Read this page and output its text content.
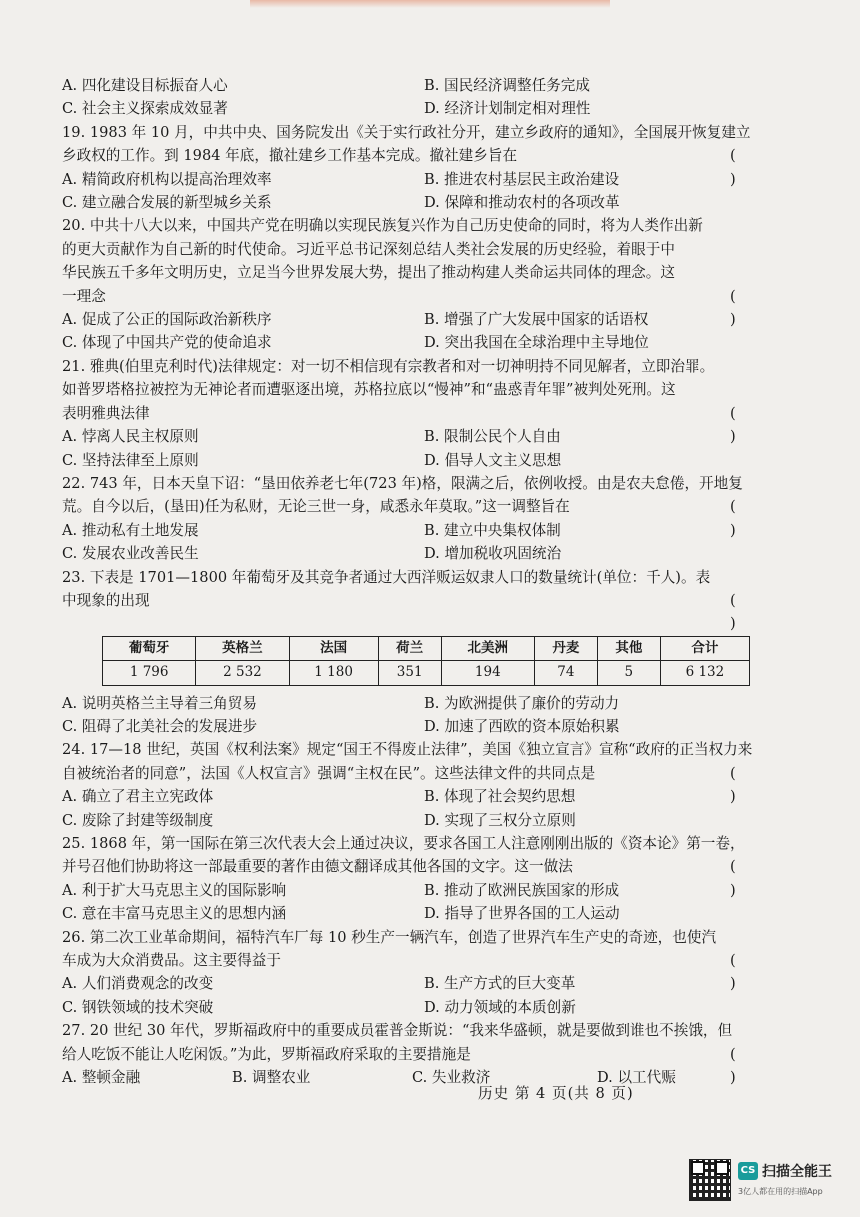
A. 四化建设目标振奋人心	B. 国民经济调整任务完成
C. 社会主义探索成效显著	D. 经济计划制定相对理性
19. 1983 年 10 月，中共中央、国务院发出《关于实行政社分开，建立乡政府的通知》，全国展开恢复建立
( )
乡政权的工作。到 1984 年底，撤社建乡工作基本完成。撤社建乡旨在
A. 精简政府机构以提高治理效率	B. 推进农村基层民主政治建设
C. 建立融合发展的新型城乡关系	D. 保障和推动农村的各项改革
20. 中共十八大以来，中国共产党在明确以实现民族复兴作为自己历史使命的同时，将为人类作出新
的更大贡献作为自己新的时代使命。习近平总书记深刻总结人类社会发展的历史经验，着眼于中
华民族五千多年文明历史，立足当今世界发展大势，提出了推动构建人类命运共同体的理念。这
( )
一理念
A. 促成了公正的国际政治新秩序	B. 增强了广大发展中国家的话语权
C. 体现了中国共产党的使命追求	D. 突出我国在全球治理中主导地位
21. 雅典(伯里克利时代)法律规定：对一切不相信现有宗教者和对一切神明持不同见解者，立即治罪。
如普罗塔格拉被控为无神论者而遭驱逐出境，苏格拉底以“慢神”和“蛊惑青年罪”被判处死刑。这
( )
表明雅典法律
A. 悖离人民主权原则	B. 限制公民个人自由
C. 坚持法律至上原则	D. 倡导人文主义思想
22. 743 年，日本天皇下诏：“垦田依养老七年(723 年)格，限满之后，依例收授。由是农夫怠倦，开地复
( )
荒。自今以后，(垦田)任为私财，无论三世一身，咸悉永年莫取。”这一调整旨在
A. 推动私有土地发展	B. 建立中央集权体制
C. 发展农业改善民生	D. 增加税收巩固统治
23. 下表是 1701—1800 年葡萄牙及其竞争者通过大西洋贩运奴隶人口的数量统计(单位：千人)。表
( )
中现象的出现
葡萄牙	英格兰	法国	荷兰	北美洲	丹麦	其他	合计
1 796	2 532	1 180	351	194	74	5	6 132
A. 说明英格兰主导着三角贸易	B. 为欧洲提供了廉价的劳动力
C. 阻碍了北美社会的发展进步	D. 加速了西欧的资本原始积累
24. 17—18 世纪，英国《权利法案》规定“国王不得废止法律”，美国《独立宣言》宣称“政府的正当权力来
( )
自被统治者的同意”，法国《人权宣言》强调“主权在民”。这些法律文件的共同点是
A. 确立了君主立宪政体	B. 体现了社会契约思想
C. 废除了封建等级制度	D. 实现了三权分立原则
25. 1868 年，第一国际在第三次代表大会上通过决议，要求各国工人注意刚刚出版的《资本论》第一卷，
( )
并号召他们协助将这一部最重要的著作由德文翻译成其他各国的文字。这一做法
A. 利于扩大马克思主义的国际影响	B. 推动了欧洲民族国家的形成
C. 意在丰富马克思主义的思想内涵	D. 指导了世界各国的工人运动
26. 第二次工业革命期间，福特汽车厂每 10 秒生产一辆汽车，创造了世界汽车生产史的奇迹，也使汽
( )
车成为大众消费品。这主要得益于
A. 人们消费观念的改变	B. 生产方式的巨大变革
C. 钢铁领域的技术突破	D. 动力领域的本质创新
27. 20 世纪 30 年代，罗斯福政府中的重要成员霍普金斯说：“我来华盛顿，就是要做到谁也不挨饿，但
( )
给人吃饭不能让人吃闲饭。”为此，罗斯福政府采取的主要措施是
A. 整顿金融	B. 调整农业	C. 失业救济	D. 以工代赈
历史 第 4 页(共 8 页)
CS 扫描全能王
3亿人都在用的扫描App
